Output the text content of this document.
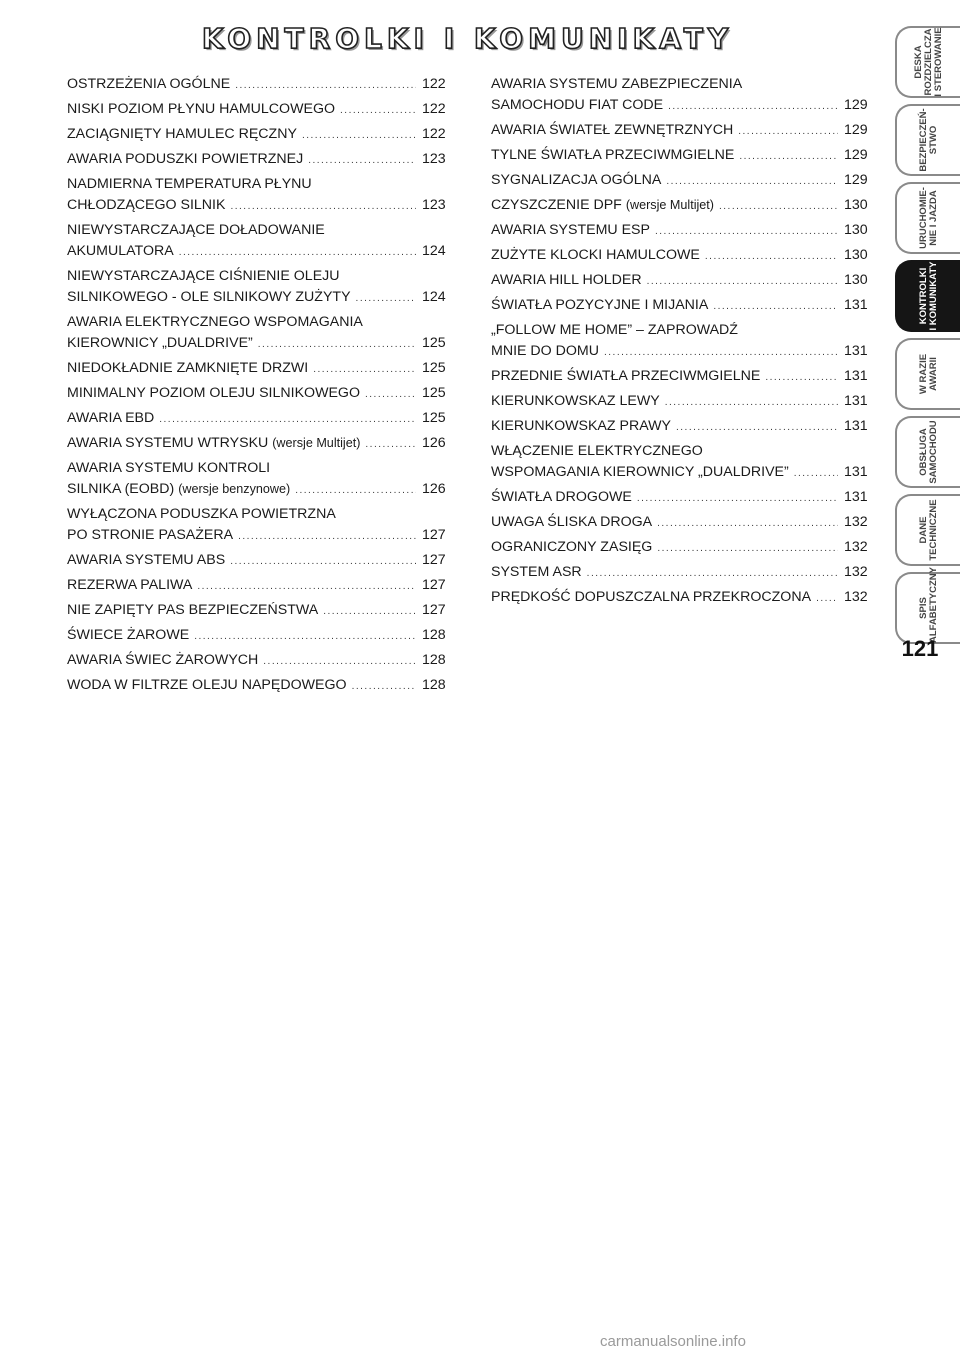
KONTROLKI I KOMUNIKATY
OSTRZEŻENIA OGÓLNE .....	122
NISKI POZIOM PŁYNU HAMULCOWEGO .....	122
ZACIĄGNIĘTY HAMULEC RĘCZNY .....	122
AWARIA PODUSZKI POWIETRZNEJ .....	123
NADMIERNA TEMPERATURA PŁYNU
CHŁODZĄCEGO SILNIK .....	123
NIEWYSTARCZAJĄCE DOŁADOWANIE
AKUMULATORA .....	124
NIEWYSTARCZAJĄCE CIŚNIENIE OLEJU
SILNIKOWEGO - OLE SILNIKOWY ZUŻYTY .....	124
AWARIA ELEKTRYCZNEGO WSPOMAGANIA
KIEROWNICY „DUALDRIVE” .....	125
NIEDOKŁADNIE ZAMKNIĘTE DRZWI .....	125
MINIMALNY POZIOM OLEJU SILNIKOWEGO .....	125
AWARIA EBD .....	125
AWARIA SYSTEMU WTRYSKU (wersje Multijet) .....	126
AWARIA SYSTEMU KONTROLI
SILNIKA (EOBD) (wersje benzynowe) .....	126
WYŁĄCZONA PODUSZKA POWIETRZNA
PO STRONIE PASAŻERA .....	127
AWARIA SYSTEMU ABS .....	127
REZERWA PALIWA .....	127
NIE ZAPIĘTY PAS BEZPIECZEŃSTWA .....	127
ŚWIECE ŻAROWE .....	128
AWARIA ŚWIEC ŻAROWYCH .....	128
WODA W FILTRZE OLEJU NAPĘDOWEGO .....	128
AWARIA SYSTEMU ZABEZPIECZENIA
SAMOCHODU FIAT CODE .....	129
AWARIA ŚWIATEŁ ZEWNĘTRZNYCH .....	129
TYLNE ŚWIATŁA PRZECIWMGIELNE .....	129
SYGNALIZACJA OGÓLNA .....	129
CZYSZCZENIE DPF (wersje Multijet) .....	130
AWARIA SYSTEMU ESP .....	130
ZUŻYTE KLOCKI HAMULCOWE .....	130
AWARIA HILL HOLDER .....	130
ŚWIATŁA POZYCYJNE I MIJANIA .....	131
„FOLLOW ME HOME” – ZAPROWADŹ
MNIE DO DOMU .....	131
PRZEDNIE ŚWIATŁA PRZECIWMGIELNE .....	131
KIERUNKOWSKAZ LEWY .....	131
KIERUNKOWSKAZ PRAWY .....	131
WŁĄCZENIE ELEKTRYCZNEGO
WSPOMAGANIA KIEROWNICY „DUALDRIVE” .....	131
ŚWIATŁA DROGOWE .....	131
UWAGA ŚLISKA DROGA .....	132
OGRANICZONY ZASIĘG .....	132
SYSTEM ASR .....	132
PRĘDKOŚĆ DOPUSZCZALNA PRZEKROCZONA ..... 132
DESKA
ROZDZIELCZA
I STEROWANIE
BEZPIECZEŃ-
STWO
URUCHOMIE-
NIE I JAZDA
KONTROLKI
I KOMUNIKATY
W RAZIE
AWARII
OBSŁUGA
SAMOCHODU
DANE
TECHNICZNE
SPIS
ALFABETYCZNY
121
carmanualsonline.info
